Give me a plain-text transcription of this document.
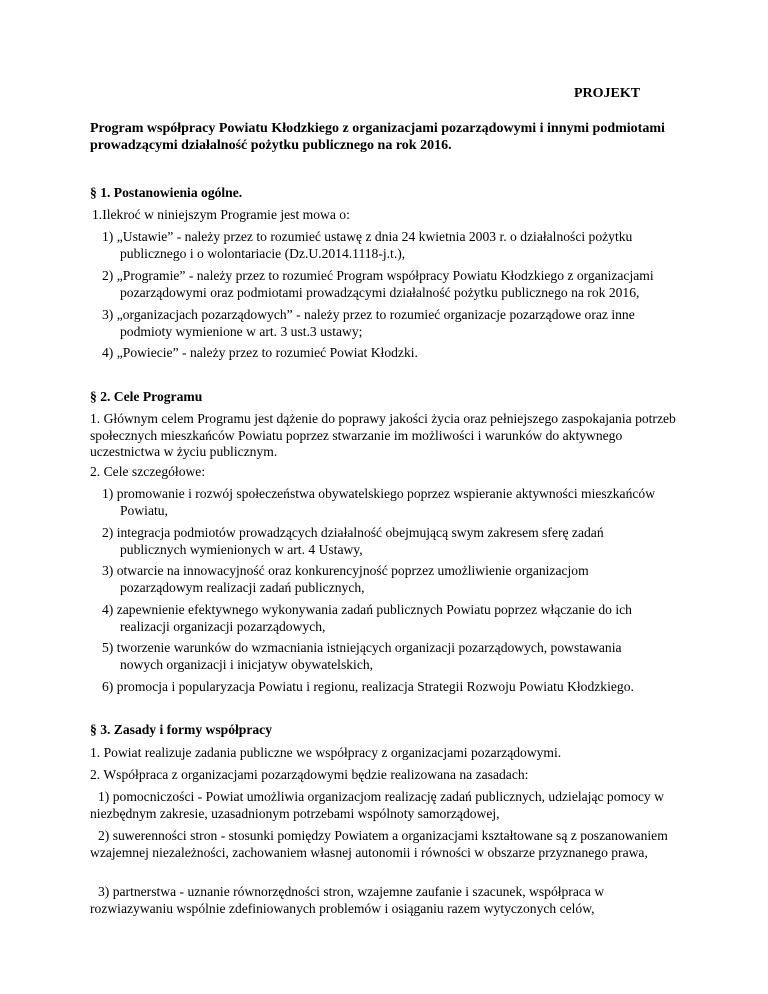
PROJEKT

Program współpracy Powiatu Kłodzkiego z organizacjami pozarządowymi i innymi podmiotami prowadzącymi działalność pożytku publicznego na rok 2016.

§ 1. Postanowienia ogólne.

1.Ilekroć w niniejszym Programie jest mowa o:

1) „Ustawie” - należy przez to rozumieć ustawę z dnia 24 kwietnia 2003 r. o działalności pożytku
publicznego i o wolontariacie (Dz.U.2014.1118-j.t.),
2) „Programie” - należy przez to rozumieć Program współpracy Powiatu Kłodzkiego z organizacjami
pozarządowymi oraz podmiotami prowadzącymi działalność pożytku publicznego na rok 2016,
3) „organizacjach pozarządowych” - należy przez to rozumieć organizacje pozarządowe oraz inne
podmioty wymienione w art. 3 ust.3 ustawy;
4) „Powiecie” - należy przez to rozumieć Powiat Kłodzki.

§ 2. Cele Programu

1. Głównym celem Programu jest dążenie do poprawy jakości życia oraz pełniejszego zaspokajania potrzeb społecznych mieszkańców Powiatu poprzez stwarzanie im możliwości i warunków do aktywnego uczestnictwa w życiu publicznym.

2. Cele szczegółowe:

1) promowanie i rozwój społeczeństwa obywatelskiego poprzez wspieranie aktywności mieszkańców
Powiatu,
2) integracja podmiotów prowadzących działalność obejmującą swym zakresem sferę zadań
publicznych wymienionych w art. 4 Ustawy,
3) otwarcie na innowacyjność oraz konkurencyjność poprzez umożliwienie organizacjom
pozarządowym realizacji zadań publicznych,
4) zapewnienie efektywnego wykonywania zadań publicznych Powiatu poprzez włączanie do ich
realizacji organizacji pozarządowych,
5) tworzenie warunków do wzmacniania istniejących organizacji pozarządowych, powstawania
nowych organizacji i inicjatyw obywatelskich,
6) promocja i popularyzacja Powiatu i regionu, realizacja Strategii Rozwoju Powiatu Kłodzkiego.

§ 3. Zasady i formy współpracy

1. Powiat realizuje zadania publiczne we współpracy z organizacjami pozarządowymi.

2. Współpraca z organizacjami pozarządowymi będzie realizowana na zasadach:

1) pomocniczości - Powiat umożliwia organizacjom realizację zadań publicznych, udzielając pomocy w niezbędnym zakresie, uzasadnionym potrzebami wspólnoty samorządowej,

2) suwerenności stron - stosunki pomiędzy Powiatem a organizacjami kształtowane są z poszanowaniem wzajemnej niezależności, zachowaniem własnej autonomii i równości w obszarze przyznanego prawa,

3) partnerstwa - uznanie równorzędności stron, wzajemne zaufanie i szacunek, współpraca w rozwiazywaniu wspólnie zdefiniowanych problemów i osiąganiu razem wytyczonych celów,
